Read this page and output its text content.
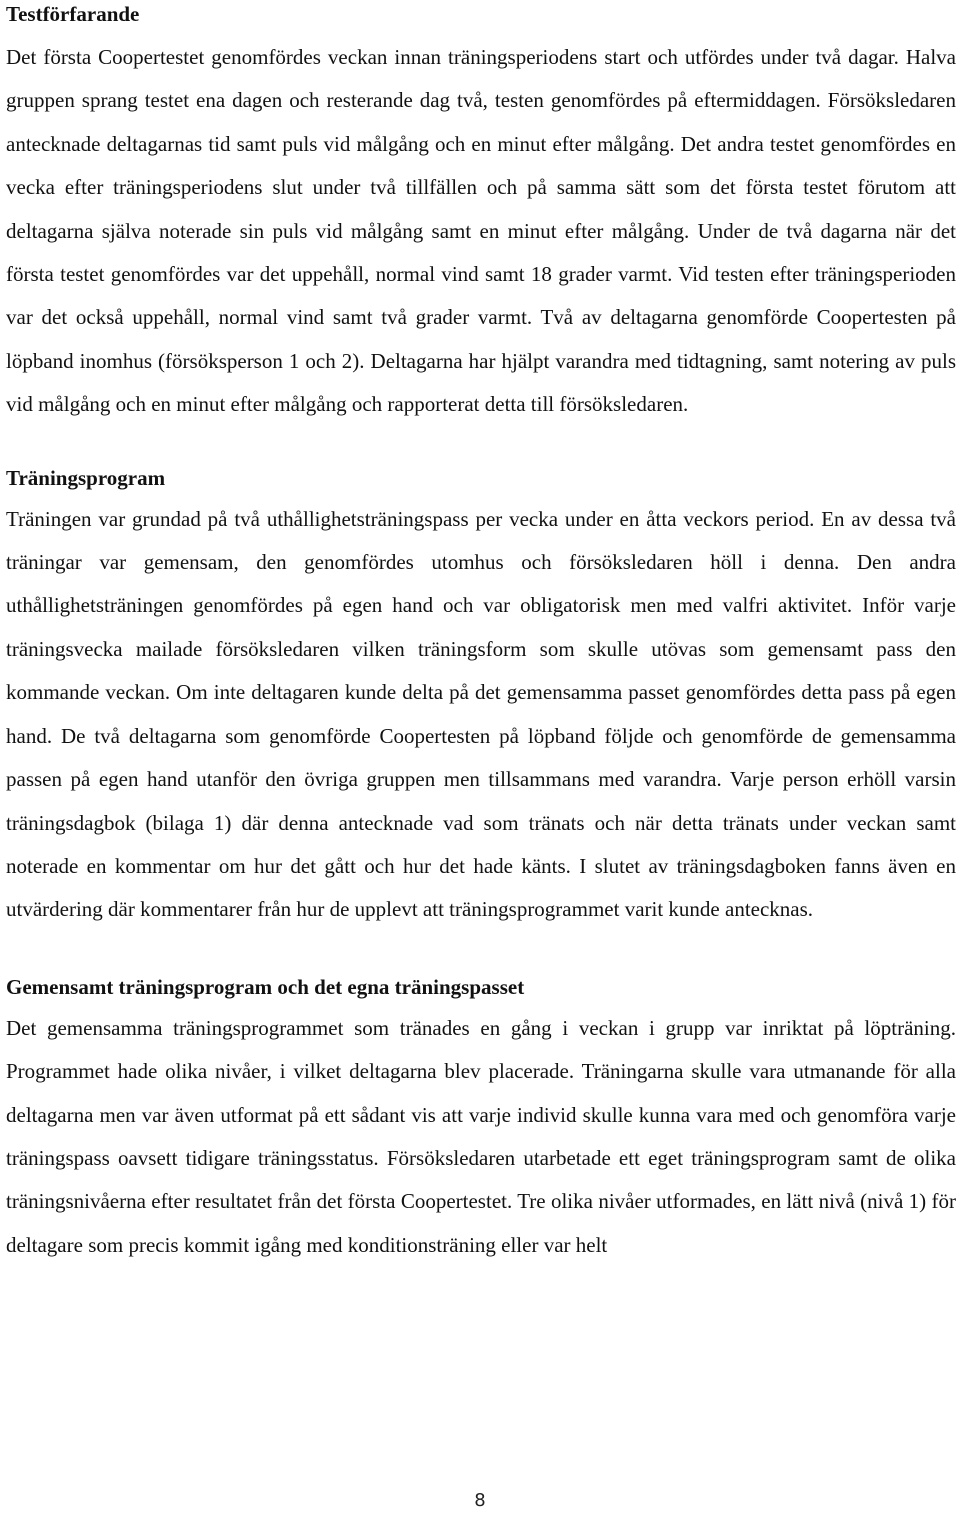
Testförfarande

Det första Coopertestet genomfördes veckan innan träningsperiodens start och utfördes under två dagar. Halva gruppen sprang testet ena dagen och resterande dag två, testen genomfördes på eftermiddagen. Försöksledaren antecknade deltagarnas tid samt puls vid målgång och en minut efter målgång. Det andra testet genomfördes en vecka efter träningsperiodens slut under två tillfällen och på samma sätt som det första testet förutom att deltagarna själva noterade sin puls vid målgång samt en minut efter målgång. Under de två dagarna när det första testet genomfördes var det uppehåll, normal vind samt 18 grader varmt. Vid testen efter träningsperioden var det också uppehåll, normal vind samt två grader varmt. Två av deltagarna genomförde Coopertesten på löpband inomhus (försöksperson 1 och 2). Deltagarna har hjälpt varandra med tidtagning, samt notering av puls vid målgång och en minut efter målgång och rapporterat detta till försöksledaren.

Träningsprogram

Träningen var grundad på två uthållighetsträningspass per vecka under en åtta veckors period. En av dessa två träningar var gemensam, den genomfördes utomhus och försöksledaren höll i denna. Den andra uthållighetsträningen genomfördes på egen hand och var obligatorisk men med valfri aktivitet. Inför varje träningsvecka mailade försöksledaren vilken träningsform som skulle utövas som gemensamt pass den kommande veckan. Om inte deltagaren kunde delta på det gemensamma passet genomfördes detta pass på egen hand. De två deltagarna som genomförde Coopertesten på löpband följde och genomförde de gemensamma passen på egen hand utanför den övriga gruppen men tillsammans med varandra. Varje person erhöll varsin träningsdagbok (bilaga 1) där denna antecknade vad som tränats och när detta tränats under veckan samt noterade en kommentar om hur det gått och hur det hade känts. I slutet av träningsdagboken fanns även en utvärdering där kommentarer från hur de upplevt att träningsprogrammet varit kunde antecknas.

Gemensamt träningsprogram och det egna träningspasset

Det gemensamma träningsprogrammet som tränades en gång i veckan i grupp var inriktat på löpträning. Programmet hade olika nivåer, i vilket deltagarna blev placerade. Träningarna skulle vara utmanande för alla deltagarna men var även utformat på ett sådant vis att varje individ skulle kunna vara med och genomföra varje träningspass oavsett tidigare träningsstatus. Försöksledaren utarbetade ett eget träningsprogram samt de olika träningsnivåerna efter resultatet från det första Coopertestet. Tre olika nivåer utformades, en lätt nivå (nivå 1) för deltagare som precis kommit igång med konditionsträning eller var helt

8
